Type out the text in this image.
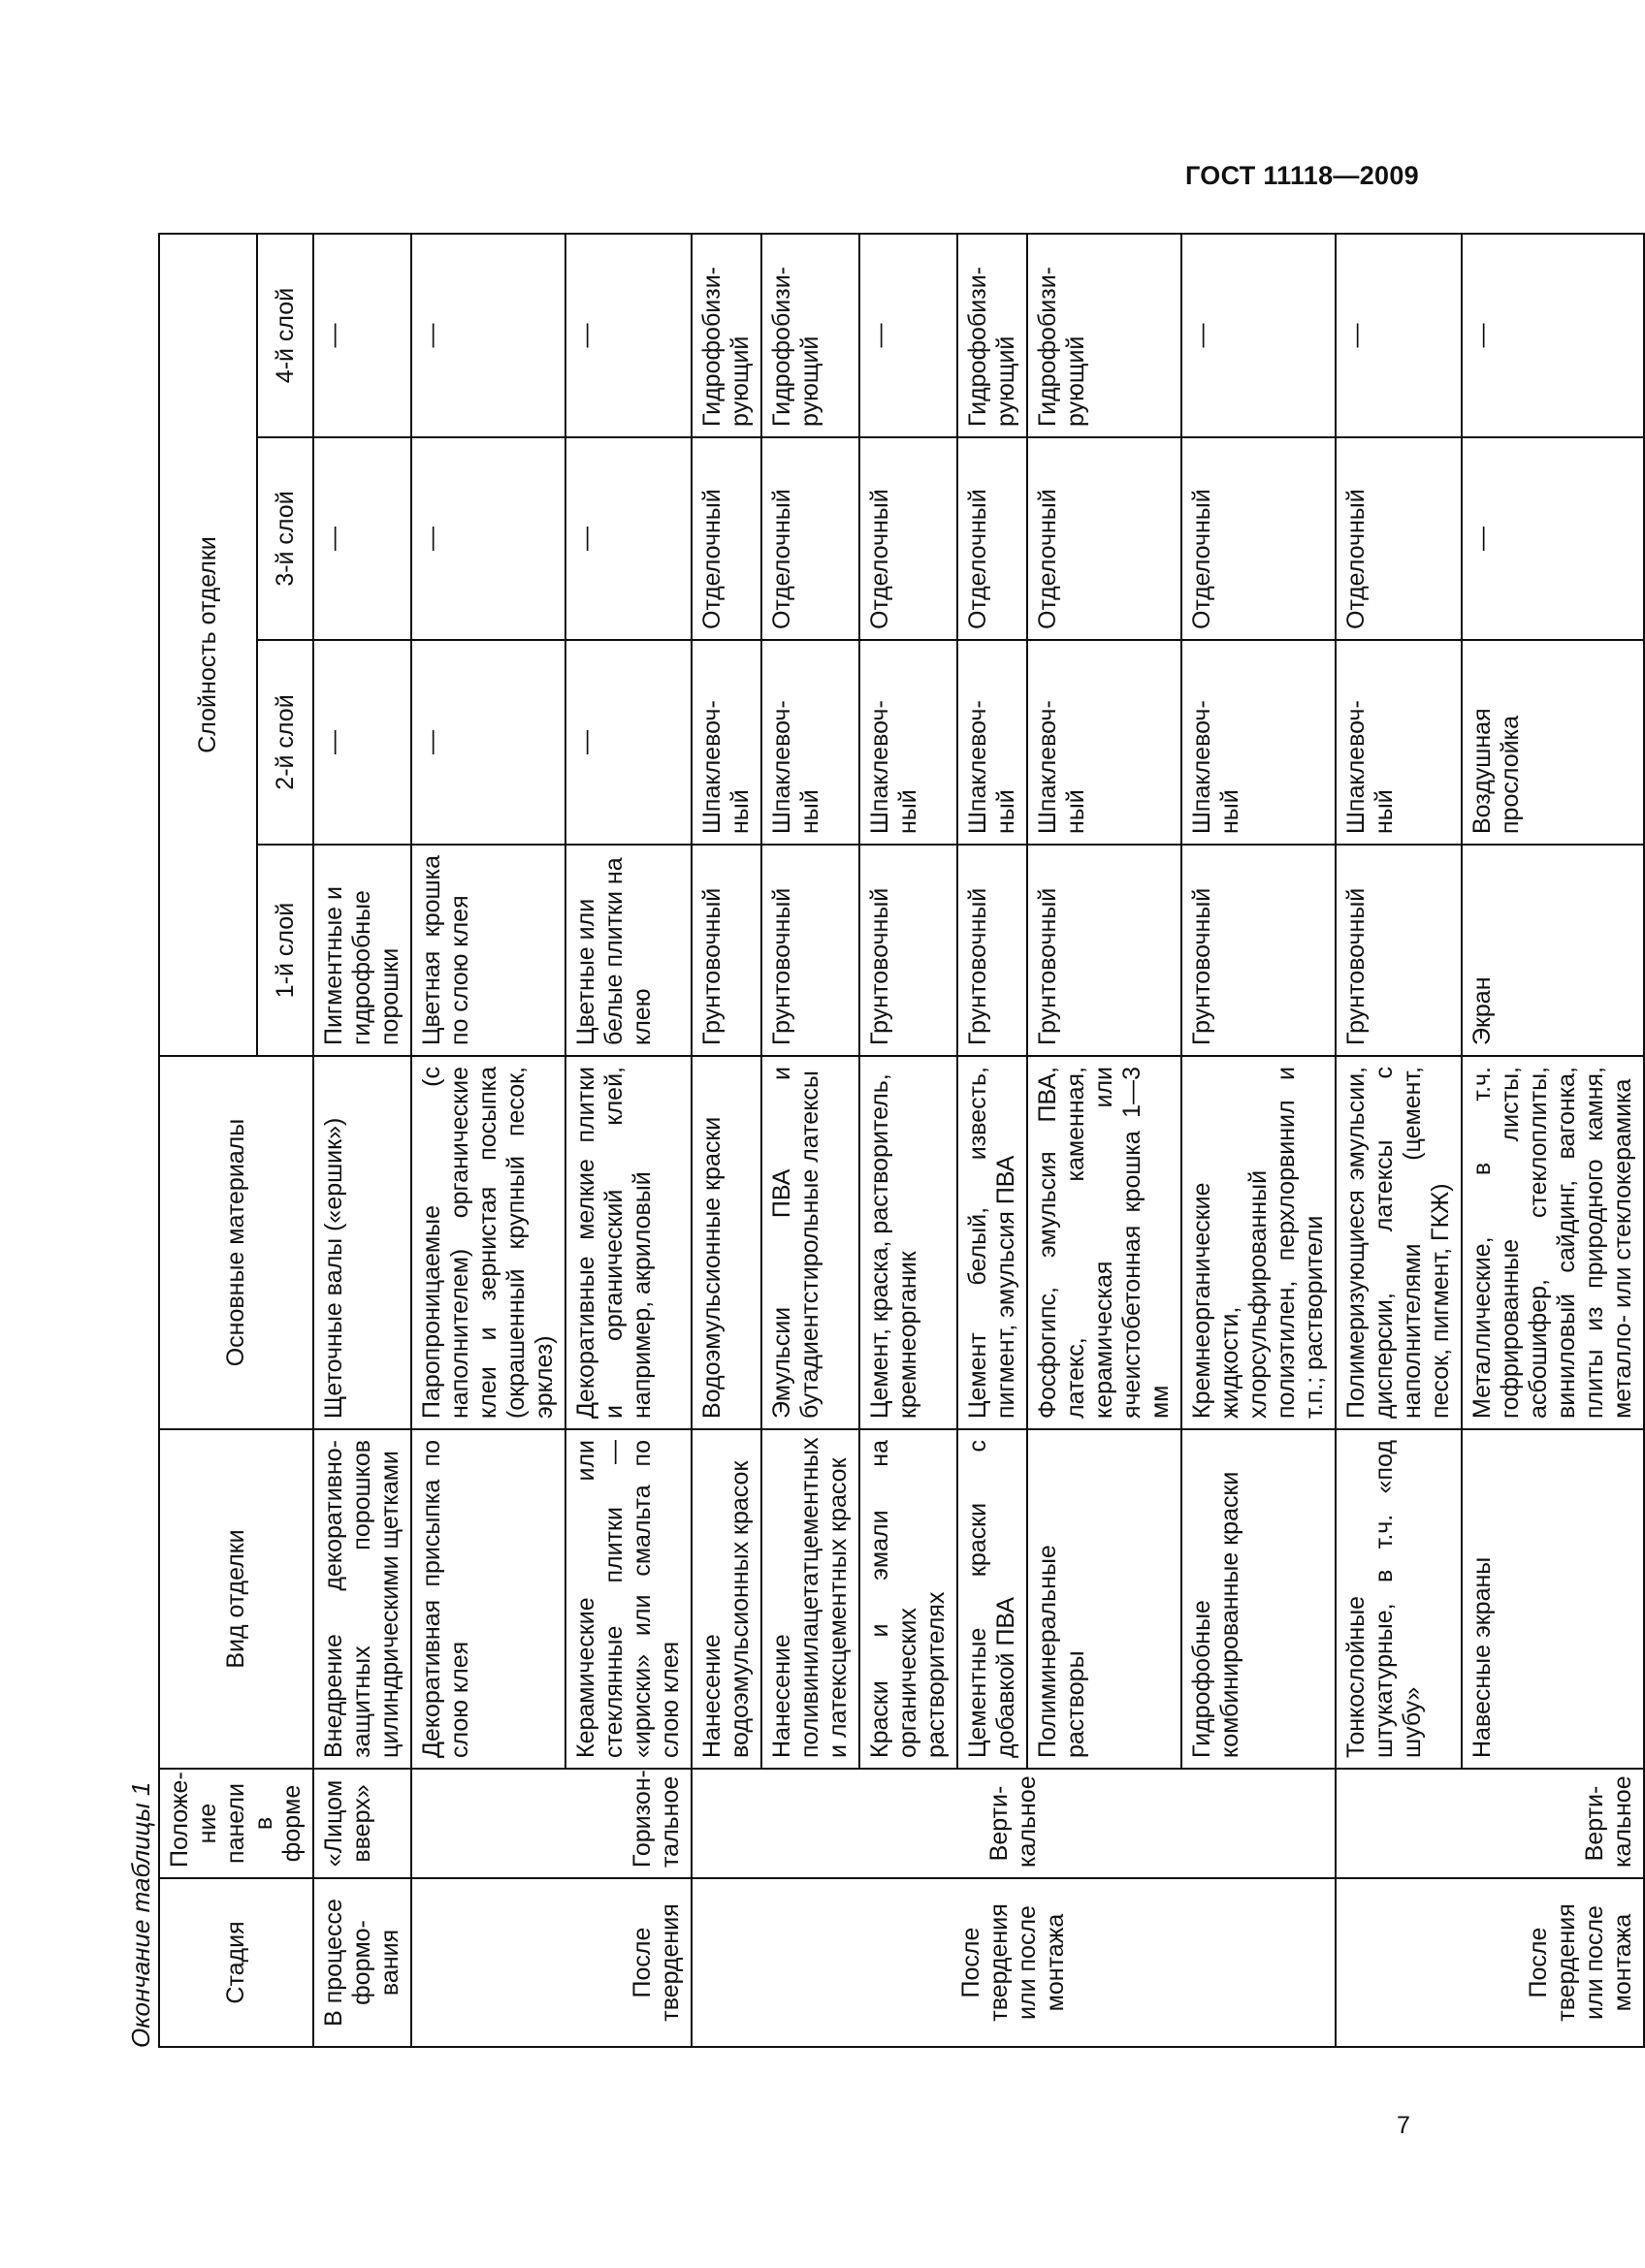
ГОСТ 11118—2009
Окончание таблицы 1	Стадия	Положе-
ние
панели в
форме	Вид отделки	Основные материалы	Слойность отделки			
				1-й слой	2-й слой	3-й слой	4-й слой
В процессе
формо-
вания	«Лицом
вверх»	Внедрение декоративно-защитных порошков цилиндрическими щетками	Щеточные валы («ершик»)	Пигментные и гидрофобные порошки	—	—	—
После
твердения	Горизон-
тальное	Декоративная присыпка по слою клея	Паропроницаемые (с наполнителем) органические клеи и зернистая посыпка (окрашенный крупный песок, эрклез)	Цветная крошка по слою клея	—	—	—
		Керамические или стеклянные плитки — «ириски» или смальта по слою клея	Декоративные мелкие плитки и органический клей, например, акриловый	Цветные или белые плитки на клею	—	—	—
После
твердения
или после
монтажа	Верти-
кальное	Нанесение водоэмульсионных красок	Водоэмульсионные краски	Грунтовочный	Шпаклевоч-
ный	Отделочный	Гидрофобизи-
рующий
		Нанесение поливинилацетатцементных и латексцементных красок	Эмульсии ПВА и бутадиентстирольные латексы	Грунтовочный	Шпаклевоч-
ный	Отделочный	Гидрофобизи-
рующий
		Краски и эмали на органических растворителях	Цемент, краска, растворитель, кремнеорганик	Грунтовочный	Шпаклевоч-
ный	Отделочный	—
		Цементные краски с добавкой ПВА	Цемент белый, известь, пигмент, эмульсия ПВА	Грунтовочный	Шпаклевоч-
ный	Отделочный	Гидрофобизи-
рующий
		Полиминеральные растворы	Фосфогипс, эмульсия ПВА, латекс, каменная, керамическая или ячеистобетонная крошка 1—3 мм	Грунтовочный	Шпаклевоч-
ный	Отделочный	Гидрофобизи-
рующий
		Гидрофобные комбинированные краски	Кремнеорганические жидкости, хлорсульфированный полиэтилен, перхлорвинил и т.п.; растворители	Грунтовочный	Шпаклевоч-
ный	Отделочный	—
После
твердения
или после
монтажа	Верти-
кальное	Тонкослойные штукатурные, в т.ч. «под шубу»	Полимеризующиеся эмульсии, дисперсии, латексы с наполнителями (цемент, песок, пигмент, ГКЖ)	Грунтовочный	Шпаклевоч-
ный	Отделочный	—
		Навесные экраны	Металлические, в т.ч. гофрированные листы, асбошифер, стеклоплиты, виниловый сайдинг, вагонка, плиты из природного камня, металло- или стеклокерамика	Экран	Воздушная прослойка	—	—
7
